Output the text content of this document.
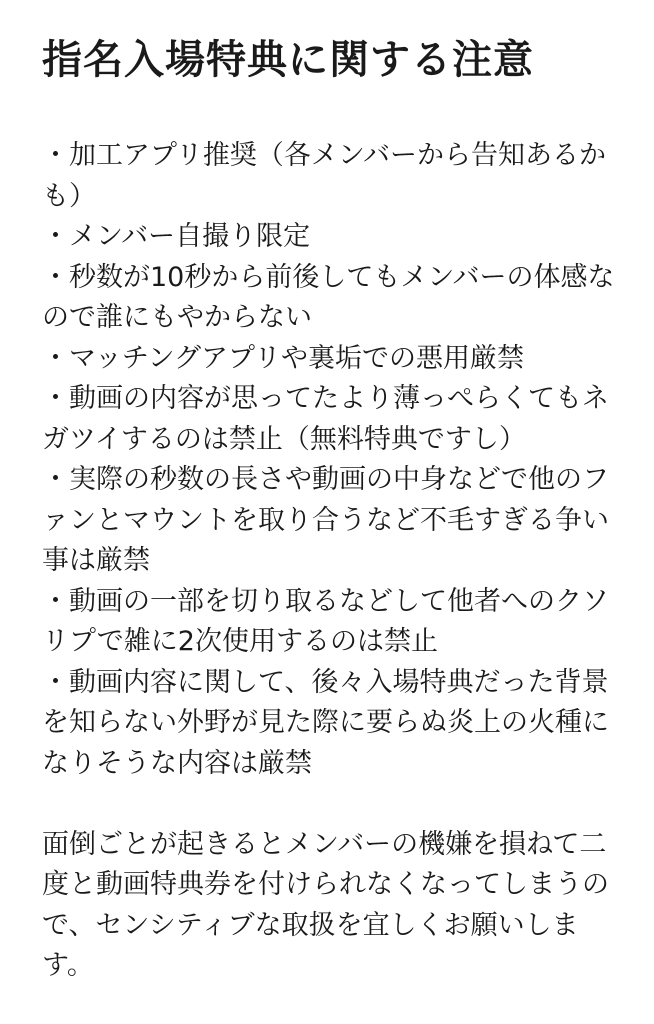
指名入場特典に関する注意
・加工アプリ推奨（各メンバーから告知あるか
も）
・メンバー自撮り限定
・秒数が10秒から前後してもメンバーの体感な
ので誰にもやからない
・マッチングアプリや裏垢での悪用厳禁
・動画の内容が思ってたより薄っぺらくてもネ
ガツイするのは禁止（無料特典ですし）
・実際の秒数の長さや動画の中身などで他のフ
ァンとマウントを取り合うなど不毛すぎる争い
事は厳禁
・動画の一部を切り取るなどして他者へのクソ
リプで雑に2次使用するのは禁止
・動画内容に関して、後々入場特典だった背景
を知らない外野が見た際に要らぬ炎上の火種に
なりそうな内容は厳禁
面倒ごとが起きるとメンバーの機嫌を損ねて二
度と動画特典券を付けられなくなってしまうの
で、センシティブな取扱を宜しくお願いしま
す。
